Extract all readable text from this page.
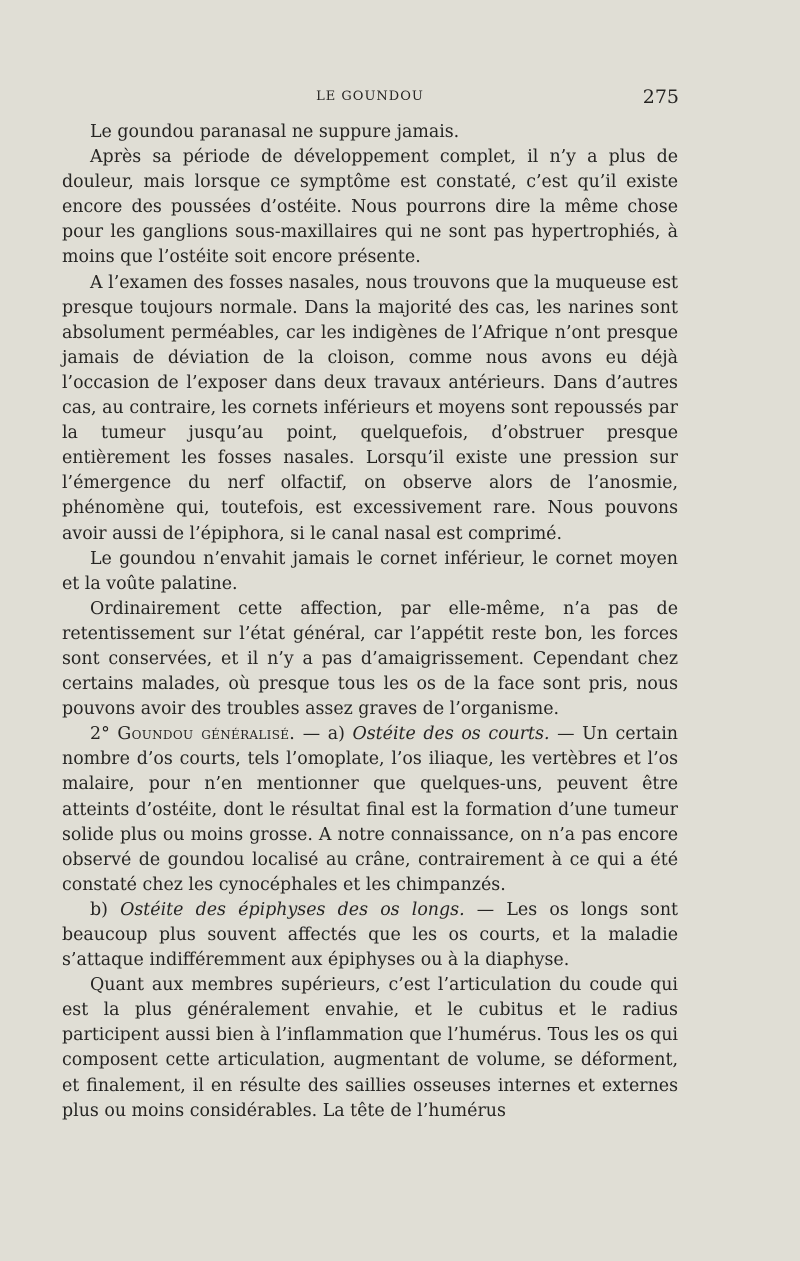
LE GOUNDOU	275

Le goundou paranasal ne suppure jamais.

Après sa période de développement complet, il n’y a plus de douleur, mais lorsque ce symptôme est constaté, c’est qu’il existe encore des poussées d’ostéite. Nous pourrons dire la même chose pour les ganglions sous-maxillaires qui ne sont pas hypertrophiés, à moins que l’ostéite soit encore présente.

A l’examen des fosses nasales, nous trouvons que la muqueuse est presque toujours normale. Dans la majorité des cas, les narines sont absolument perméables, car les indigènes de l’Afrique n’ont presque jamais de déviation de la cloison, comme nous avons eu déjà l’occasion de l’exposer dans deux travaux antérieurs. Dans d’autres cas, au contraire, les cornets inférieurs et moyens sont repoussés par la tumeur jusqu’au point, quelquefois, d’obstruer presque entièrement les fosses nasales. Lorsqu’il existe une pression sur l’émergence du nerf olfactif, on observe alors de l’anosmie, phénomène qui, toutefois, est excessivement rare. Nous pouvons avoir aussi de l’épiphora, si le canal nasal est comprimé.

Le goundou n’envahit jamais le cornet inférieur, le cornet moyen et la voûte palatine.

Ordinairement cette affection, par elle-même, n’a pas de retentissement sur l’état général, car l’appétit reste bon, les forces sont conservées, et il n’y a pas d’amaigrissement. Cependant chez certains malades, où presque tous les os de la face sont pris, nous pouvons avoir des troubles assez graves de l’organisme.

2° Goundou généralisé. — a) Ostéite des os courts. — Un certain nombre d’os courts, tels l’omoplate, l’os iliaque, les vertèbres et l’os malaire, pour n’en mentionner que quelques-uns, peuvent être atteints d’ostéite, dont le résultat final est la formation d’une tumeur solide plus ou moins grosse. A notre connaissance, on n’a pas encore observé de goundou localisé au crâne, contrairement à ce qui a été constaté chez les cynocéphales et les chimpanzés.

b) Ostéite des épiphyses des os longs. — Les os longs sont beaucoup plus souvent affectés que les os courts, et la maladie s’attaque indifféremment aux épiphyses ou à la diaphyse.

Quant aux membres supérieurs, c’est l’articulation du coude qui est la plus généralement envahie, et le cubitus et le radius participent aussi bien à l’inflammation que l’humérus. Tous les os qui composent cette articulation, augmentant de volume, se déforment, et finalement, il en résulte des saillies osseuses internes et externes plus ou moins considérables. La tête de l’humérus
